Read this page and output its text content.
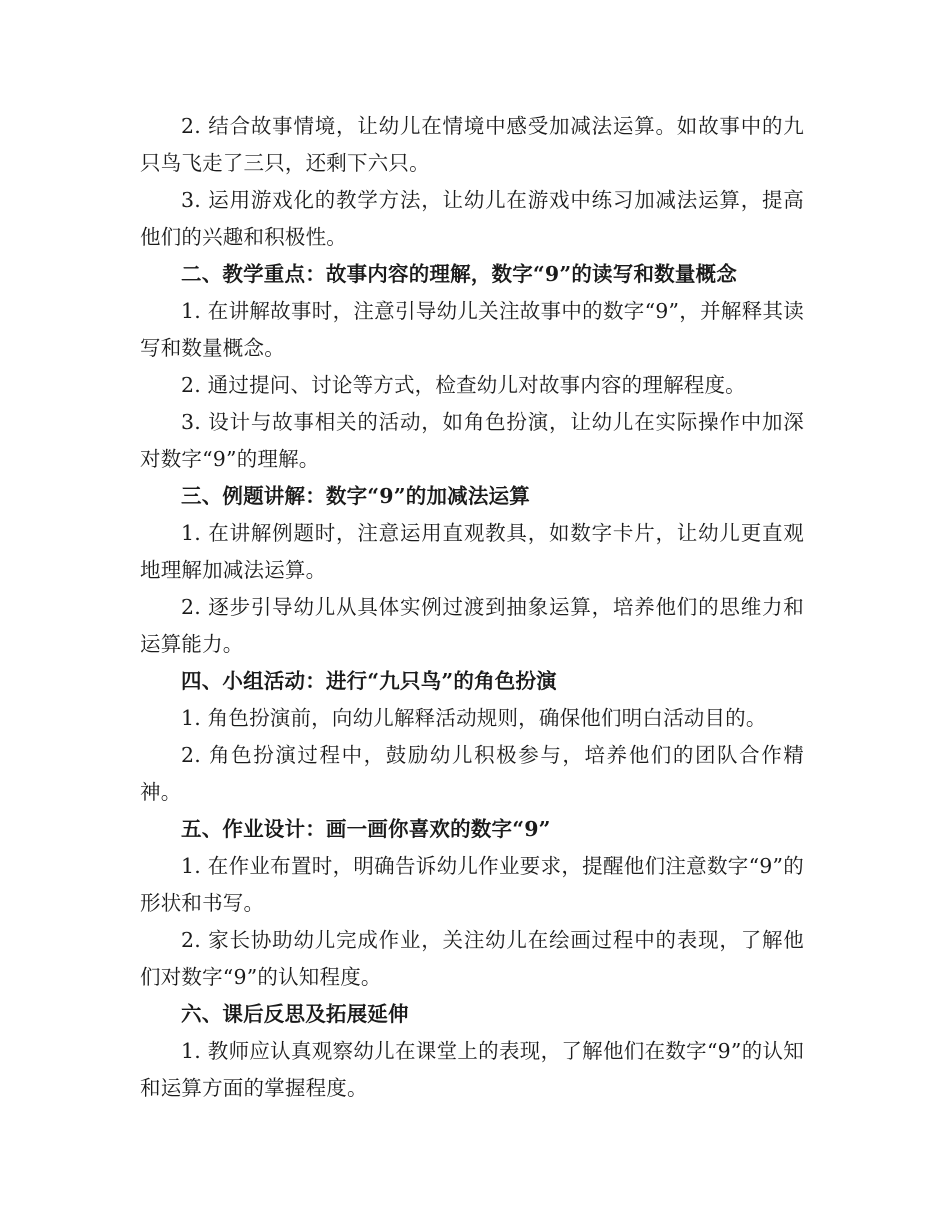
2. 结合故事情境，让幼儿在情境中感受加减法运算。如故事中的九只鸟飞走了三只，还剩下六只。

3. 运用游戏化的教学方法，让幼儿在游戏中练习加减法运算，提高他们的兴趣和积极性。

二、教学重点：故事内容的理解，数字“9”的读写和数量概念

1. 在讲解故事时，注意引导幼儿关注故事中的数字“9”，并解释其读写和数量概念。

2. 通过提问、讨论等方式，检查幼儿对故事内容的理解程度。

3. 设计与故事相关的活动，如角色扮演，让幼儿在实际操作中加深对数字“9”的理解。

三、例题讲解：数字“9”的加减法运算

1. 在讲解例题时，注意运用直观教具，如数字卡片，让幼儿更直观地理解加减法运算。

2. 逐步引导幼儿从具体实例过渡到抽象运算，培养他们的思维力和运算能力。

四、小组活动：进行“九只鸟”的角色扮演

1. 角色扮演前，向幼儿解释活动规则，确保他们明白活动目的。

2. 角色扮演过程中，鼓励幼儿积极参与，培养他们的团队合作精神。

五、作业设计：画一画你喜欢的数字“9”

1. 在作业布置时，明确告诉幼儿作业要求，提醒他们注意数字“9”的形状和书写。

2. 家长协助幼儿完成作业，关注幼儿在绘画过程中的表现，了解他们对数字“9”的认知程度。

六、课后反思及拓展延伸

1. 教师应认真观察幼儿在课堂上的表现，了解他们在数字“9”的认知和运算方面的掌握程度。
